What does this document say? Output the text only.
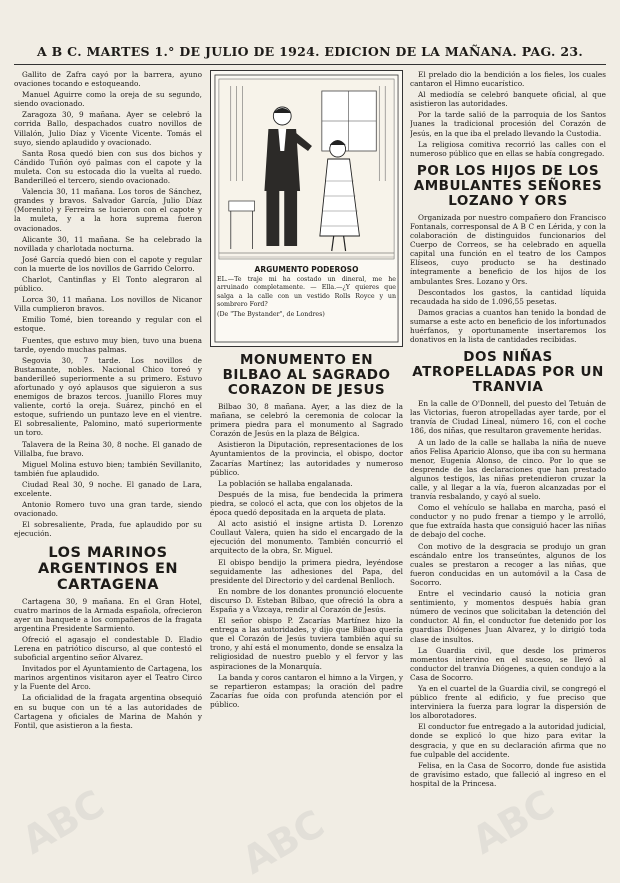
A B C. MARTES 1.° DE JULIO DE 1924. EDICION DE LA MAÑANA. PAG. 23.

Gallito de Zafra cayó por la barrera, ayuno ovaciones tocando e estoqueando.

Manuel Aguirre como la oreja de su segundo, siendo ovacionado.

Zaragoza 30, 9 mañana. Ayer se celebró la corrida Ballo, despachados cuatro novillos de Villalón, Julio Díaz y Vicente Vicente. Tomás el suyo, siendo aplaudido y ovacionado.

Santa Rosa quedó bien con sus dos bichos y Cándido Tuñón oyó palmas con el capote y la muleta. Con su estocada dio la vuelta al ruedo. Banderilleó el tercero, siendo ovacionado.

Valencia 30, 11 mañana. Los toros de Sánchez, grandes y bravos. Salvador García, Julio Díaz (Morenito) y Ferreira se lucieron con el capote y la muleta, y a la hora suprema fueron ovacionados.

Alicante 30, 11 mañana. Se ha celebrado la novillada y charlotada nocturna.

José García quedó bien con el capote y regular con la muerte de los novillos de Garrido Celorro.

Charlot, Cantinflas y El Tonto alegraron al público.

Lorca 30, 11 mañana. Los novillos de Nicanor Villa cumplieron bravos.

Emilio Tomé, bien toreando y regular con el estoque.

Fuentes, que estuvo muy bien, tuvo una buena tarde, oyendo muchas palmas.

Segovia 30, 7 tarde. Los novillos de Bustamante, nobles. Nacional Chico toreó y banderilleó superiormente a su primero. Estuvo afortunado y oyó aplausos que siguieron a sus enemigos de brazos tercos. Juanillo Flores muy valiente, cortó la oreja. Suárez, pinchó en el estoque, sufriendo un puntazo leve en el vientre. El sobresaliente, Palomino, mató superiormente un toro.

Talavera de la Reina 30, 8 noche. El ganado de Villalba, fue bravo.

Miguel Molina estuvo bien; también Sevillanito, también fue aplaudido.

Ciudad Real 30, 9 noche. El ganado de Lara, excelente.

Antonio Romero tuvo una gran tarde, siendo ovacionado.

El sobresaliente, Prada, fue aplaudido por su ejecución.

LOS MARINOS ARGENTINOS EN CARTAGENA

Cartagena 30, 9 mañana. En el Gran Hotel, cuatro marinos de la Armada española, ofrecieron ayer un banquete a los compañeros de la fragata argentina Presidente Sarmiento.

Ofreció el agasajo el condestable D. Eladio Lerena en patriótico discurso, al que contestó el suboficial argentino señor Alvarez.

Invitados por el Ayuntamiento de Cartagena, los marinos argentinos visitaron ayer el Teatro Circo y la Fuente del Arco.

La oficialidad de la fragata argentina obsequió en su buque con un té a las autoridades de Cartagena y oficiales de Marina de Mahón y Fontil, que asistieron a la fiesta.

ARGUMENTO PODEROSO
EL.—Te traje mi ha costado un dineral, me he arruinado completamente. — Ella.—¿Y quieres que salga a la calle con un vestido Rolls Royce y un sombrero Ford?
(De "The Bystander", de Londres)
MONUMENTO EN BILBAO AL SAGRADO CORAZON DE JESUS

Bilbao 30, 8 mañana. Ayer, a las diez de la mañana, se celebró la ceremonia de colocar la primera piedra para el monumento al Sagrado Corazón de Jesús en la plaza de Bélgica.

Asistieron la Diputación, representaciones de los Ayuntamientos de la provincia, el obispo, doctor Zacarías Martínez; las autoridades y numeroso público.

La población se hallaba engalanada.

Después de la misa, fue bendecida la primera piedra, se colocó el acta, que con los objetos de la época quedó depositada en la arqueta de plata.

Al acto asistió el insigne artista D. Lorenzo Coullaut Valera, quien ha sido el encargado de la ejecución del monumento. También concurrió el arquitecto de la obra, Sr. Miguel.

El obispo bendijo la primera piedra, leyéndose seguidamente las adhesiones del Papa, del presidente del Directorio y del cardenal Benlloch.

En nombre de los donantes pronunció elocuente discurso D. Esteban Bilbao, que ofreció la obra a España y a Vizcaya, rendir al Corazón de Jesús.

El señor obispo P. Zacarías Martínez hizo la entrega a las autoridades, y dijo que Bilbao quería que el Corazón de Jesús tuviera también aquí su trono, y ahí está el monumento, donde se ensalza la religiosidad de nuestro pueblo y el fervor y las aspiraciones de la Monarquía.

La banda y coros cantaron el himno a la Virgen, y se repartieron estampas; la oración del padre Zacarías fue oída con profunda atención por el público.

El prelado dio la bendición a los fieles, los cuales cantaron el Himno eucarístico.

Al mediodía se celebró banquete oficial, al que asistieron las autoridades.

Por la tarde salió de la parroquia de los Santos Juanes la tradicional procesión del Corazón de Jesús, en la que iba el prelado llevando la Custodia.

La religiosa comitiva recorrió las calles con el numeroso público que en ellas se había congregado.

POR LOS HIJOS DE LOS AMBULANTES SEÑORES LOZANO Y ORS

Organizada por nuestro compañero don Francisco Fontanals, corresponsal de A B C en Lérida, y con la colaboración de distinguidos funcionarios del Cuerpo de Correos, se ha celebrado en aquella capital una función en el teatro de los Campos Elíseos, cuyo producto se ha destinado íntegramente a beneficio de los hijos de los ambulantes Sres. Lozano y Ors.

Descontados los gastos, la cantidad líquida recaudada ha sido de 1.096,55 pesetas.

Damos gracias a cuantos han tenido la bondad de sumarse a este acto en beneficio de los infortunados huérfanos, y oportunamente insertaremos los donativos en la lista de cantidades recibidas.

DOS NIÑAS ATROPELLADAS POR UN TRANVIA

En la calle de O'Donnell, del puesto del Tetuán de las Victorias, fueron atropelladas ayer tarde, por el tranvía de Ciudad Lineal, número 16, con el coche 186, dos niñas, que resultaron gravemente heridas.

A un lado de la calle se hallaba la niña de nueve años Felisa Aparicio Alonso, que iba con su hermana menor, Eugenia Alonso, de cinco. Por lo que se desprende de las declaraciones que han prestado algunos testigos, las niñas pretendieron cruzar la calle, y al llegar a la vía, fueron alcanzadas por el tranvía resbalando, y cayó al suelo.

Como el vehículo se hallaba en marcha, pasó el conductor y no pudo frenar a tiempo y le arrolló, que fue extraída hasta que consiguió hacer las niñas de debajo del coche.

Con motivo de la desgracia se produjo un gran escándalo entre los transeúntes, algunos de los cuales se prestaron a recoger a las niñas, que fueron conducidas en un automóvil a la Casa de Socorro.

Entre el vecindario causó la noticia gran sentimiento, y momentos después había gran número de vecinos que solicitaban la detención del conductor. Al fin, el conductor fue detenido por los guardias Diógenes Juan Alvarez, y lo dirigió toda clase de insultos.

La Guardia civil, que desde los primeros momentos intervino en el suceso, se llevó al conductor del tranvía Diógenes, a quien condujo a la Casa de Socorro.

Ya en el cuartel de la Guardia civil, se congregó el público frente al edificio, y fue preciso que interviniera la fuerza para lograr la dispersión de los alborotadores.

El conductor fue entregado a la autoridad judicial, donde se explicó lo que hizo para evitar la desgracia, y que en su declaración afirma que no fue culpable del accidente.

Felisa, en la Casa de Socorro, donde fue asistida de gravísimo estado, que falleció al ingreso en el hospital de la Princesa.

ABC	ABC	ABC
